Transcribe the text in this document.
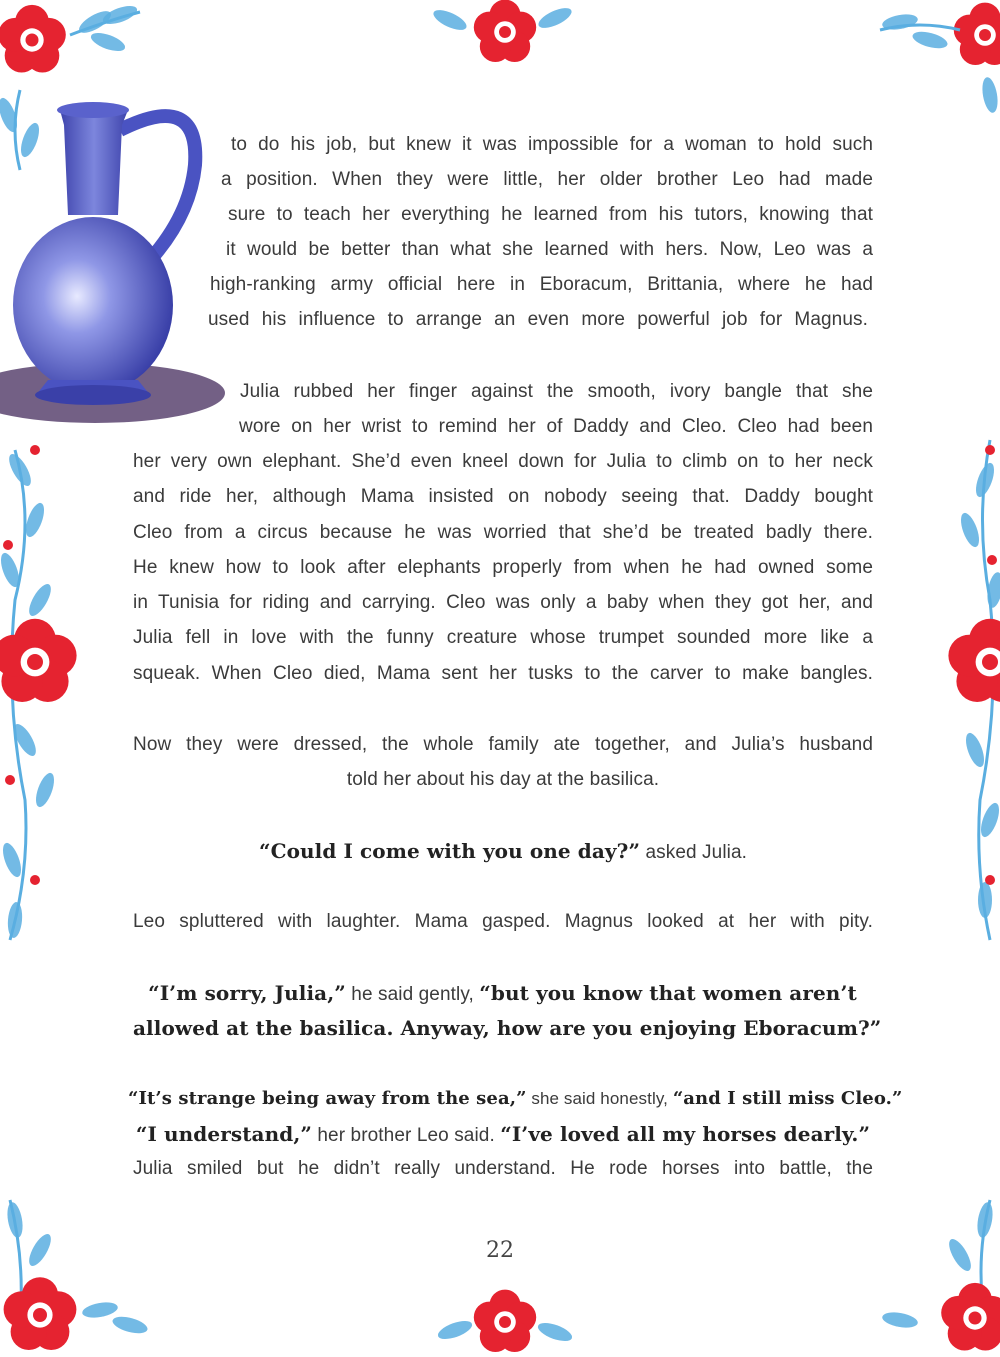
to do his job, but knew it was impossible for a woman to hold such
a position. When they were little, her older brother Leo had made
sure to teach her everything he learned from his tutors, knowing that
it would be better than what she learned with hers. Now, Leo was a
high-ranking army official here in Eboracum, Brittania, where he had
used his influence to arrange an even more powerful job for Magnus.
Julia rubbed her finger against the smooth, ivory bangle that she
wore on her wrist to remind her of Daddy and Cleo. Cleo had been
her very own elephant. She’d even kneel down for Julia to climb on to her neck
and ride her, although Mama insisted on nobody seeing that. Daddy bought
Cleo from a circus because he was worried that she’d be treated badly there.
He knew how to look after elephants properly from when he had owned some
in Tunisia for riding and carrying. Cleo was only a baby when they got her, and
Julia fell in love with the funny creature whose trumpet sounded more like a
squeak. When Cleo died, Mama sent her tusks to the carver to make bangles.
Now they were dressed, the whole family ate together, and Julia’s husband
told her about his day at the basilica.
“Could I come with you one day?” asked Julia.
Leo spluttered with laughter. Mama gasped. Magnus looked at her with pity.
“I’m sorry, Julia,” he said gently, “but you know that women aren’t
allowed at the basilica. Anyway, how are you enjoying Eboracum?”
“It’s strange being away from the sea,” she said honestly, “and I still miss Cleo.”
“I understand,” her brother Leo said. “I’ve loved all my horses dearly.”
Julia smiled but he didn’t really understand. He rode horses into battle, the
22
